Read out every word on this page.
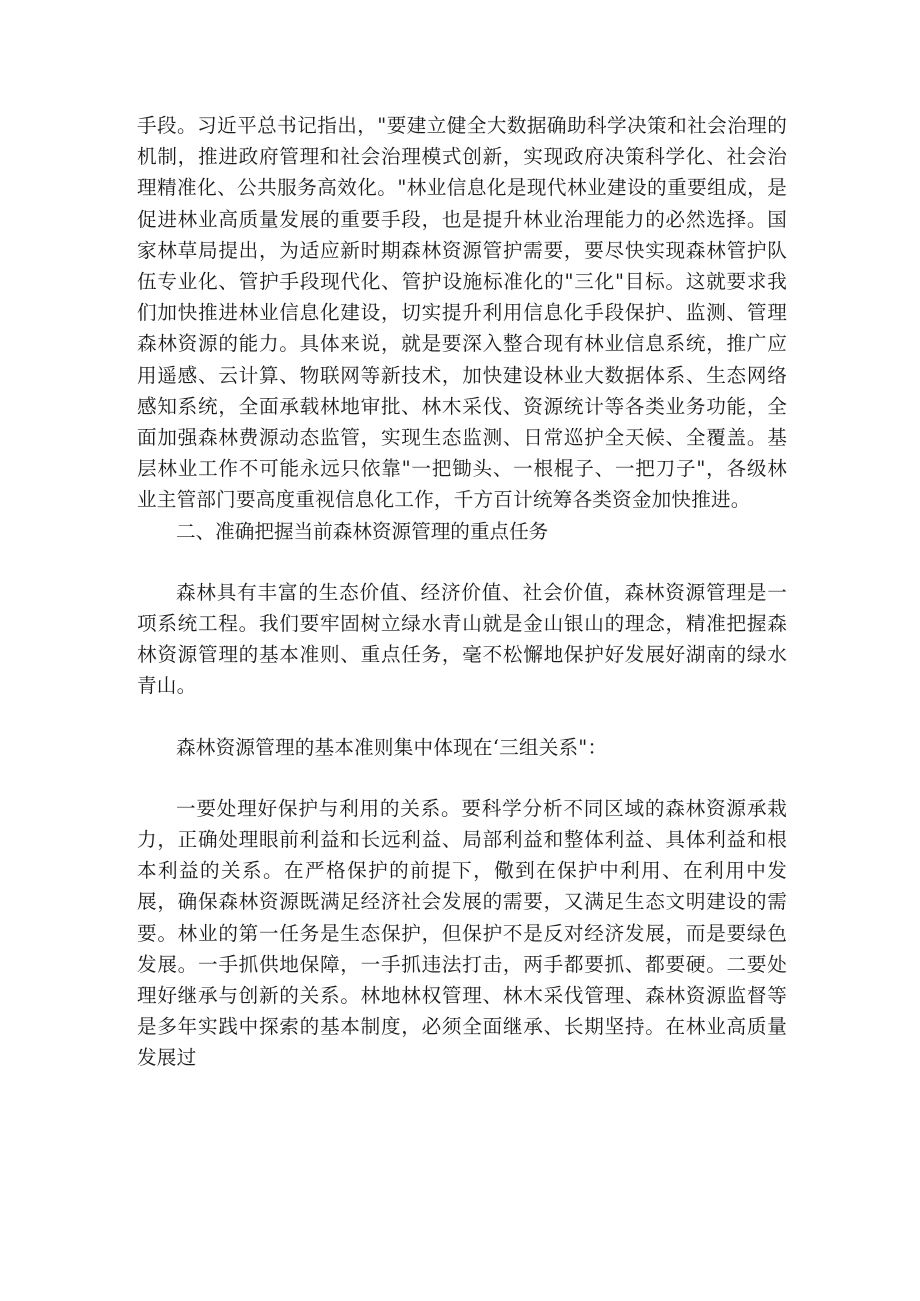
手段。习近平总书记指出，"要建立健全大数据确助科学决策和社会治理的机制，推进政府管理和社会治理模式创新，实现政府决策科学化、社会治理精准化、公共服务高效化。"林业信息化是现代林业建设的重要组成，是促进林业高质量发展的重要手段，也是提升林业治理能力的必然选择。国家林草局提出，为适应新时期森林资源管护需要，要尽快实现森林管护队伍专业化、管护手段现代化、管护设施标准化的"三化"目标。这就要求我们加快推进林业信息化建设，切实提升利用信息化手段保护、监测、管理森林资源的能力。具体来说，就是要深入整合现有林业信息系统，推广应用遥感、云计算、物联网等新技术，加快建设林业大数据体系、生态网络感知系统，全面承载林地审批、林木采伐、资源统计等各类业务功能，全面加强森林费源动态监管，实现生态监测、日常巡护全天候、全覆盖。基层林业工作不可能永远只依靠"一把锄头、一根棍子、一把刀子"，各级林业主管部门要高度重视信息化工作，千方百计统筹各类资金加快推进。

二、准确把握当前森林资源管理的重点任务

森林具有丰富的生态价值、经济价值、社会价值，森林资源管理是一项系统工程。我们要牢固树立绿水青山就是金山银山的理念，精准把握森林资源管理的基本准则、重点任务，毫不松懈地保护好发展好湖南的绿水青山。

森林资源管理的基本准则集中体现在‘三组关系"：

一要处理好保护与利用的关系。要科学分析不同区域的森林资源承栽力，正确处理眼前利益和长远利益、局部利益和整体利益、具体利益和根本利益的关系。在严格保护的前提下，儆到在保护中利用、在利用中发展，确保森林资源既满足经济社会发展的需要，又满足生态文明建设的需要。林业的第一任务是生态保护，但保护不是反对经济发展，而是要绿色发展。一手抓供地保障，一手抓违法打击，两手都要抓、都要硬。二要处理好继承与创新的关系。林地林权管理、林木采伐管理、森林资源监督等是多年实践中探索的基本制度，必须全面继承、长期坚持。在林业高质量发展过
